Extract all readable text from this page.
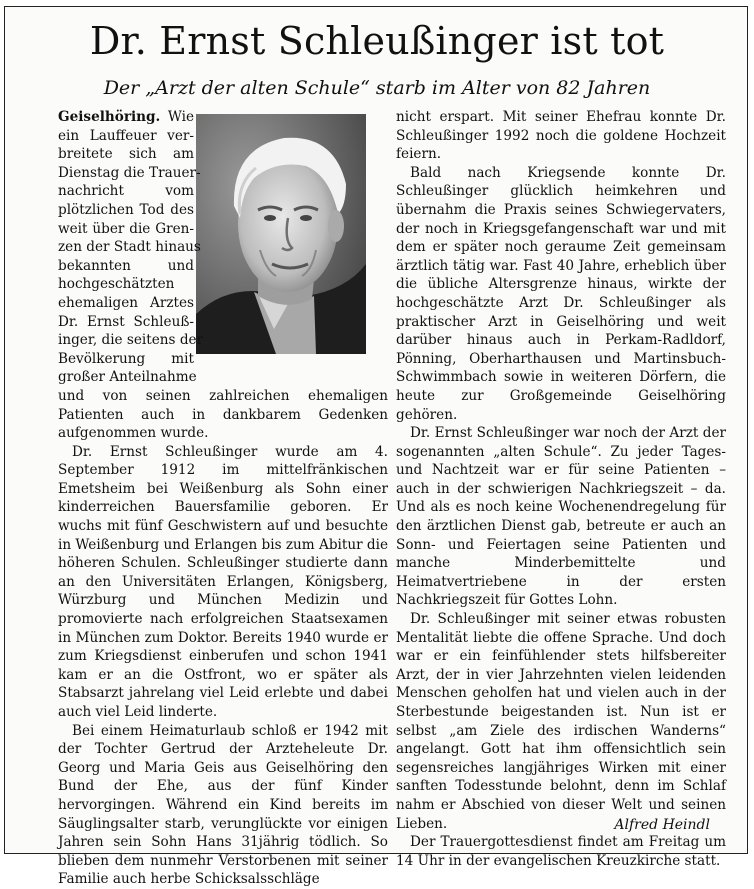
Dr. Ernst Schleußinger ist tot
Der „Arzt der alten Schule“ starb im Alter von 82 Jahren
Geiselhöring. Wie
ein Lauffeuer ver-
breitete sich am
Dienstag die Trauer-
nachricht vom
plötzlichen Tod des
weit über die Gren-
zen der Stadt hinaus
bekannten und
hochgeschätzten
ehemaligen Arztes
Dr. Ernst Schleuß-
inger, die seitens der
Bevölkerung mit
großer Anteilnahme

und von seinen zahlreichen ehemaligen Patienten auch in dankbarem Gedenken aufgenommen wurde.

Dr. Ernst Schleußinger wurde am 4. September 1912 im mittelfränkischen Emetsheim bei Weißenburg als Sohn einer kinderreichen Bauersfamilie geboren. Er wuchs mit fünf Geschwistern auf und besuchte in Weißenburg und Erlangen bis zum Abitur die höheren Schulen. Schleußinger studierte dann an den Universitäten Erlangen, Königsberg, Würzburg und München Medizin und promovierte nach erfolgreichen Staatsexamen in München zum Doktor. Bereits 1940 wurde er zum Kriegsdienst einberufen und schon 1941 kam er an die Ostfront, wo er später als Stabsarzt jahrelang viel Leid erlebte und dabei auch viel Leid linderte.

Bei einem Heimaturlaub schloß er 1942 mit der Tochter Gertrud der Arzteheleute Dr. Georg und Maria Geis aus Geiselhöring den Bund der Ehe, aus der fünf Kinder hervorgingen. Während ein Kind bereits im Säuglingsalter starb, verunglückte vor einigen Jahren sein Sohn Hans 31jährig tödlich. So blieben dem nunmehr Verstorbenen mit seiner Familie auch herbe Schicksalsschläge

nicht erspart. Mit seiner Ehefrau konnte Dr. Schleußinger 1992 noch die goldene Hochzeit feiern.

Bald nach Kriegsende konnte Dr. Schleußinger glücklich heimkehren und übernahm die Praxis seines Schwiegervaters, der noch in Kriegsgefangenschaft war und mit dem er später noch geraume Zeit gemeinsam ärztlich tätig war. Fast 40 Jahre, erheblich über die übliche Altersgrenze hinaus, wirkte der hochgeschätzte Arzt Dr. Schleußinger als praktischer Arzt in Geiselhöring und weit darüber hinaus auch in Perkam-Radldorf, Pönning, Oberharthausen und Martinsbuch-Schwimmbach sowie in weiteren Dörfern, die heute zur Großgemeinde Geiselhöring gehören.

Dr. Ernst Schleußinger war noch der Arzt der sogenannten „alten Schule“. Zu jeder Tages- und Nachtzeit war er für seine Patienten – auch in der schwierigen Nachkriegszeit – da. Und als es noch keine Wochenendregelung für den ärztlichen Dienst gab, betreute er auch an Sonn- und Feiertagen seine Patienten und manche Minderbemittelte und Heimatvertriebene in der ersten Nachkriegszeit für Gottes Lohn.

Dr. Schleußinger mit seiner etwas robusten Mentalität liebte die offene Sprache. Und doch war er ein feinfühlender stets hilfsbereiter Arzt, der in vier Jahrzehnten vielen leidenden Menschen geholfen hat und vielen auch in der Sterbestunde beigestanden ist. Nun ist er selbst „am Ziele des irdischen Wanderns“ angelangt. Gott hat ihm offensichtlich sein segensreiches langjähriges Wirken mit einer sanften Todesstunde belohnt, denn im Schlaf nahm er Abschied von dieser Welt und seinen Lieben.

Der Trauergottesdienst findet am Freitag um 14 Uhr in der evangelischen Kreuzkirche statt.

Alfred Heindl
